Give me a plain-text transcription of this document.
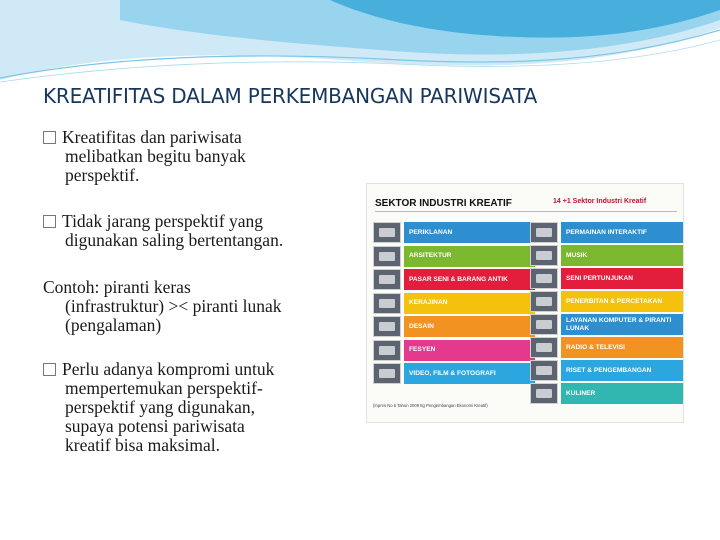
KREATIFITAS DALAM PERKEMBANGAN PARIWISATA

Kreatifitas dan pariwisata
melibatkan begitu banyak
perspektif.

Tidak jarang perspektif yang
digunakan saling bertentangan.

Contoh: piranti keras
(infrastruktur) >< piranti lunak
(pengalaman)

Perlu adanya kompromi untuk
mempertemukan perspektif-
perspektif yang digunakan,
supaya potensi pariwisata
kreatif bisa maksimal.

SEKTOR INDUSTRI KREATIF	14 +1 Sektor Industri Kreatif
PERIKLANAN
ARSITEKTUR
PASAR SENI & BARANG ANTIK
KERAJINAN
DESAIN
FESYEN
VIDEO, FILM & FOTOGRAFI
PERMAINAN INTERAKTIF
MUSIK
SENI PERTUNJUKAN
PENERBITAN & PERCETAKAN
LAYANAN KOMPUTER & PIRANTI LUNAK
RADIO & TELEVISI
RISET & PENGEMBANGAN
KULINER
(Inpres No 6 Tahun 2009 ttg Pengembangan Ekonomi Kreatif)
